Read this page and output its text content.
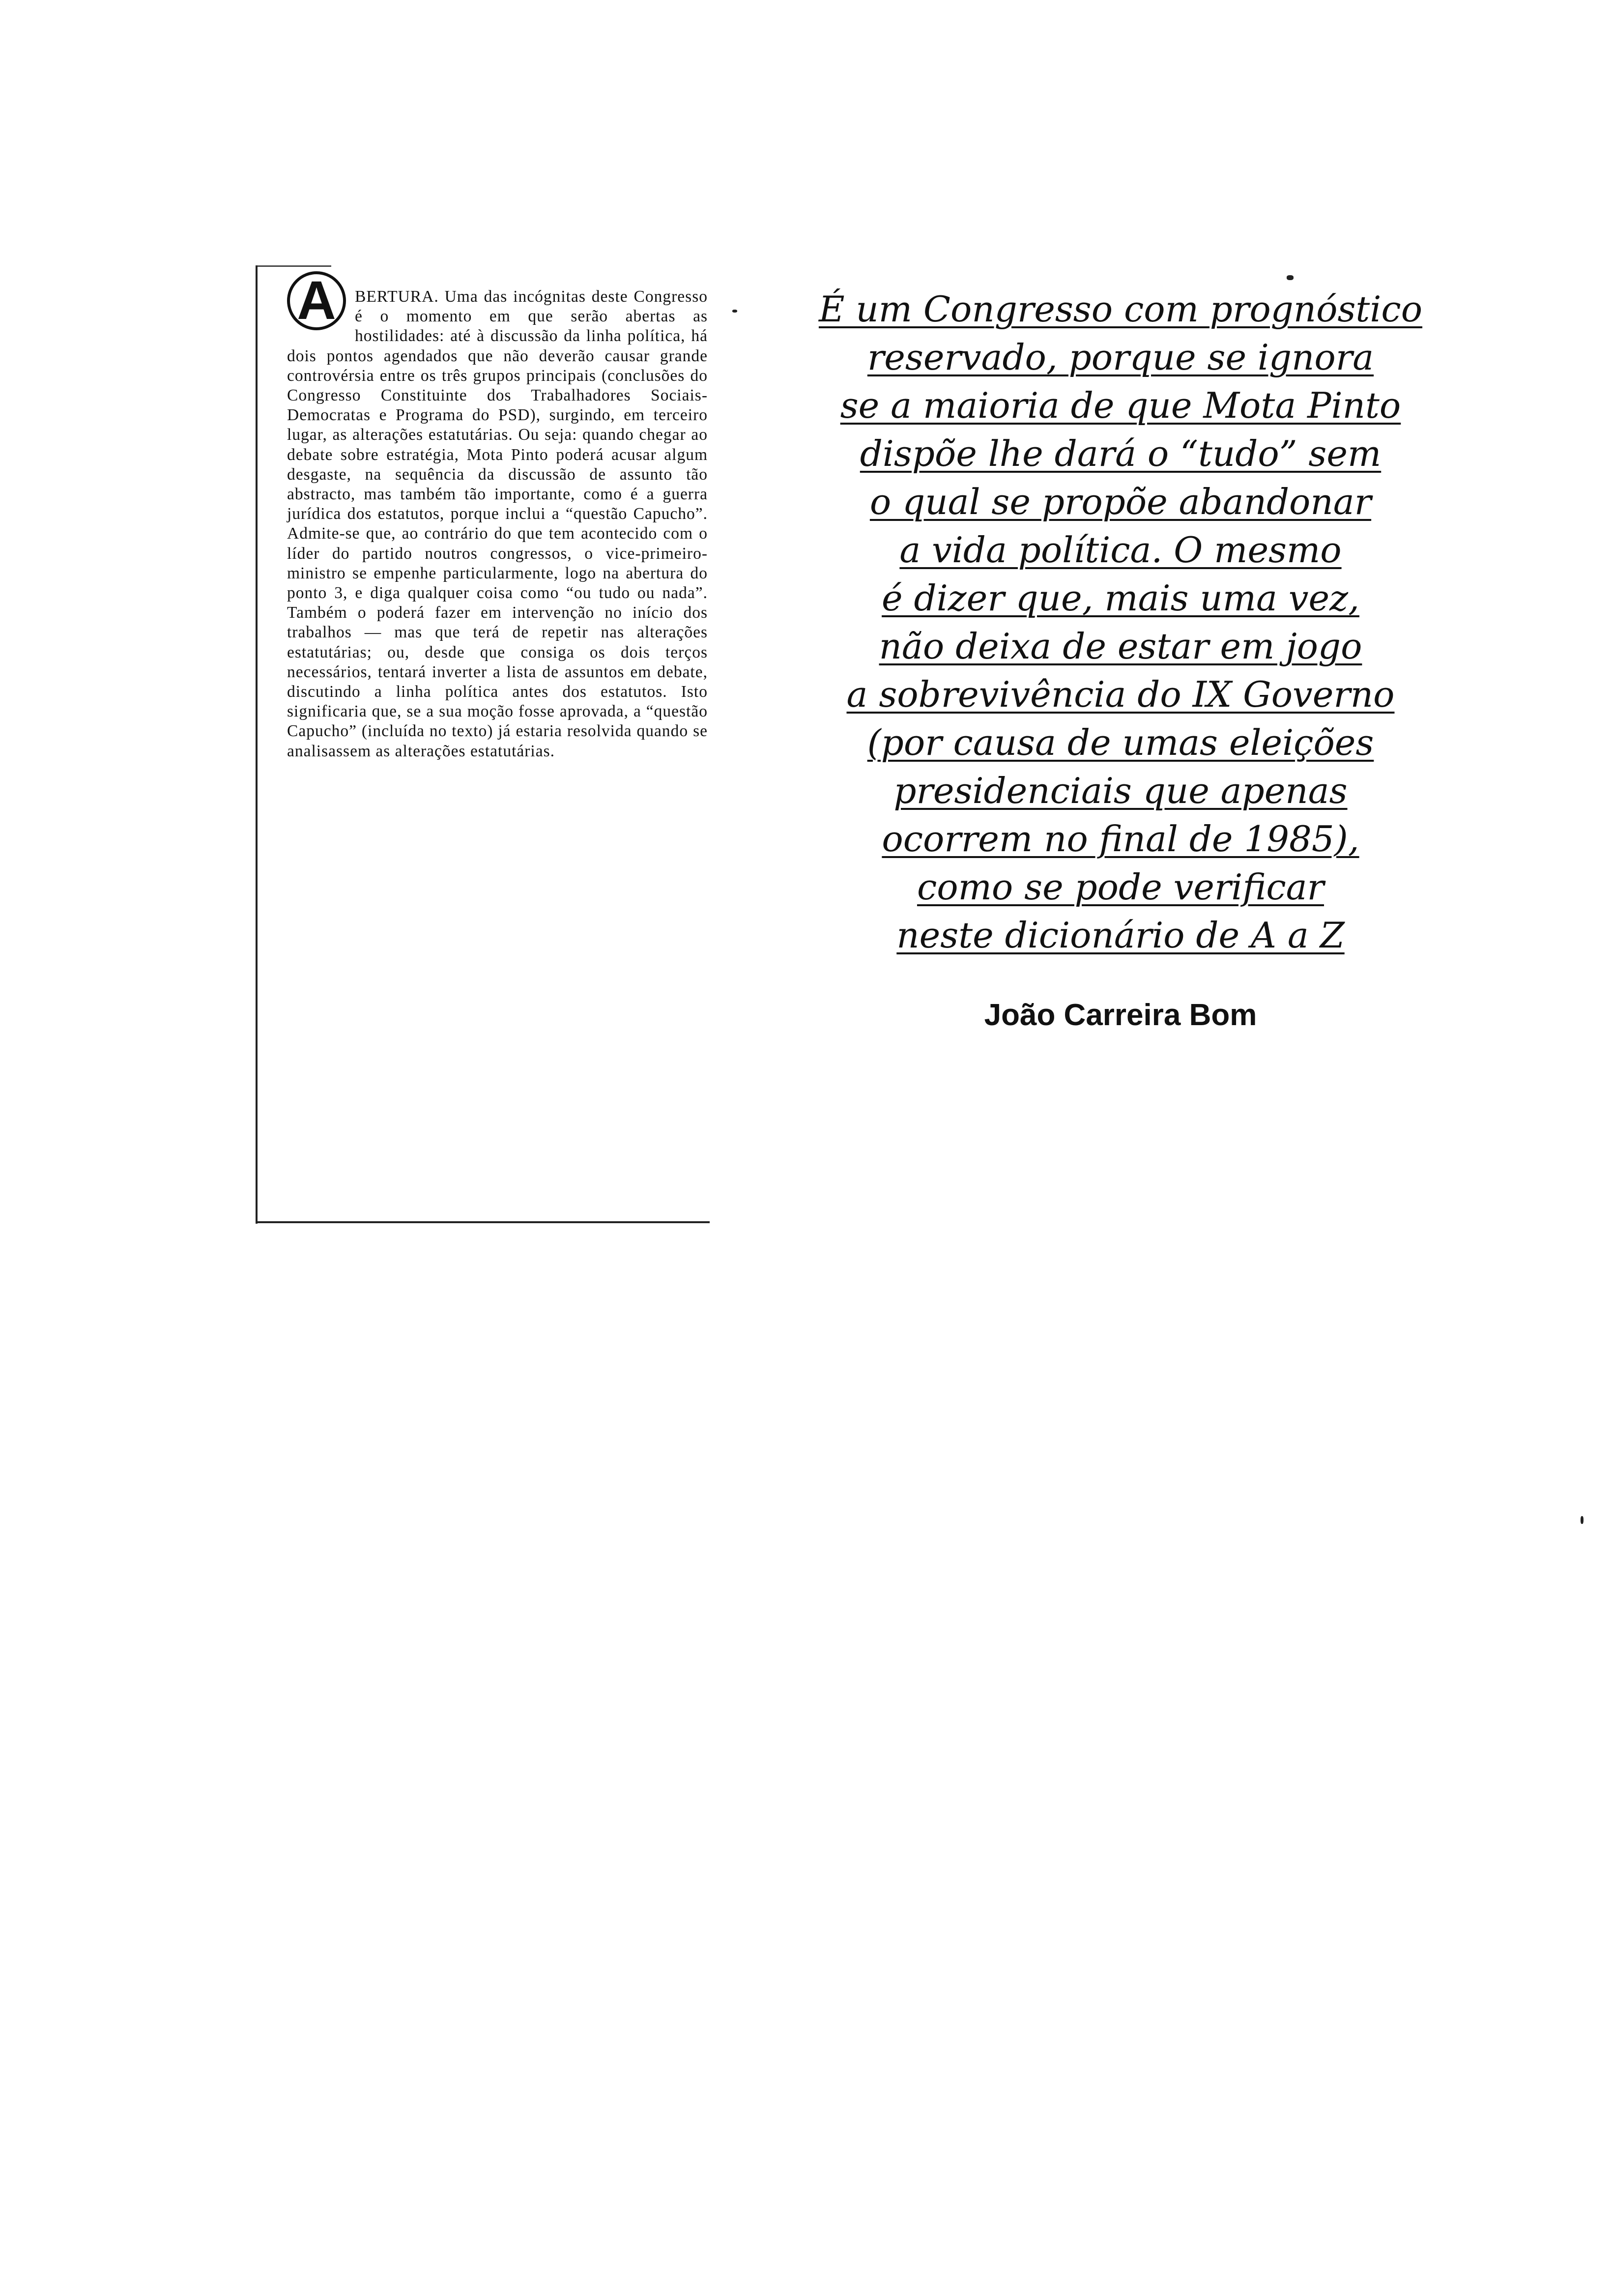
A	BERTURA. Uma das incógnitas deste Congresso é o momento em que serão abertas as hostilidades: até à discussão da linha política, há dois pontos agendados que não deverão causar grande controvérsia entre os três grupos principais (conclusões do Congresso Constituinte dos Trabalhadores Sociais-Democratas e Programa do PSD), surgindo, em terceiro lugar, as alterações estatutárias. Ou seja: quando chegar ao debate sobre estratégia, Mota Pinto poderá acusar algum desgaste, na sequência da discussão de assunto tão abstracto, mas também tão importante, como é a guerra jurídica dos estatutos, porque inclui a “questão Capucho”. Admite-se que, ao contrário do que tem acontecido com o líder do partido noutros congressos, o vice-primeiro-ministro se empenhe particularmente, logo na abertura do ponto 3, e diga qualquer coisa como “ou tudo ou nada”. Também o poderá fazer em intervenção no início dos trabalhos — mas que terá de repetir nas alterações estatutárias; ou, desde que consiga os dois terços necessários, tentará inverter a lista de assuntos em debate, discutindo a linha política antes dos estatutos. Isto significaria que, se a sua moção fosse aprovada, a “questão Capucho” (incluída no texto) já estaria resolvida quando se analisassem as alterações estatutárias.

É um Congresso com prognóstico
reservado, porque se ignora
se a maioria de que Mota Pinto
dispõe lhe dará o “tudo” sem
o qual se propõe abandonar
a vida política. O mesmo
é dizer que, mais uma vez,
não deixa de estar em jogo
a sobrevivência do IX Governo
(por causa de umas eleições
presidenciais que apenas
ocorrem no final de 1985),
como se pode verificar
neste dicionário de A a Z
João Carreira Bom
